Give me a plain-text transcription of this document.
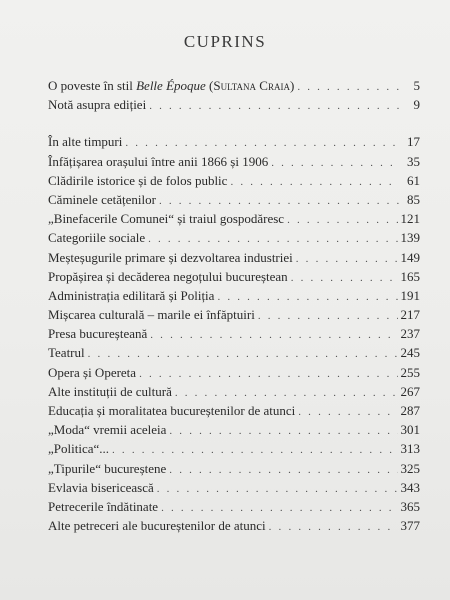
CUPRINS
O poveste în stil Belle Époque (Sultana Craia) . . .	5
Notă asupra ediției . . .	9
În alte timpuri . . .	17
Înfățișarea orașului între anii 1866 și 1906 . . .	35
Clădirile istorice și de folos public . . .	61
Căminele cetățenilor . . .	85
„Binefacerile Comunei“ și traiul gospodăresc . . .	121
Categoriile sociale . . .	139
Meșteșugurile primare și dezvoltarea industriei . . .	149
Propășirea și decăderea negoțului bucureștean . . .	165
Administrația edilitară și Poliția . . .	191
Mișcarea culturală – marile ei înfăptuiri . . .	217
Presa bucureșteană . . .	237
Teatrul . . .	245
Opera și Opereta . . .	255
Alte instituții de cultură . . .	267
Educația și moralitatea bucureștenilor de atunci . . .	287
„Moda“ vremii aceleia . . .	301
„Politica“... . . .	313
„Tipurile“ bucureștene . . .	325
Evlavia bisericească . . .	343
Petrecerile îndătinate . . .	365
Alte petreceri ale bucureștenilor de atunci . . .	377
